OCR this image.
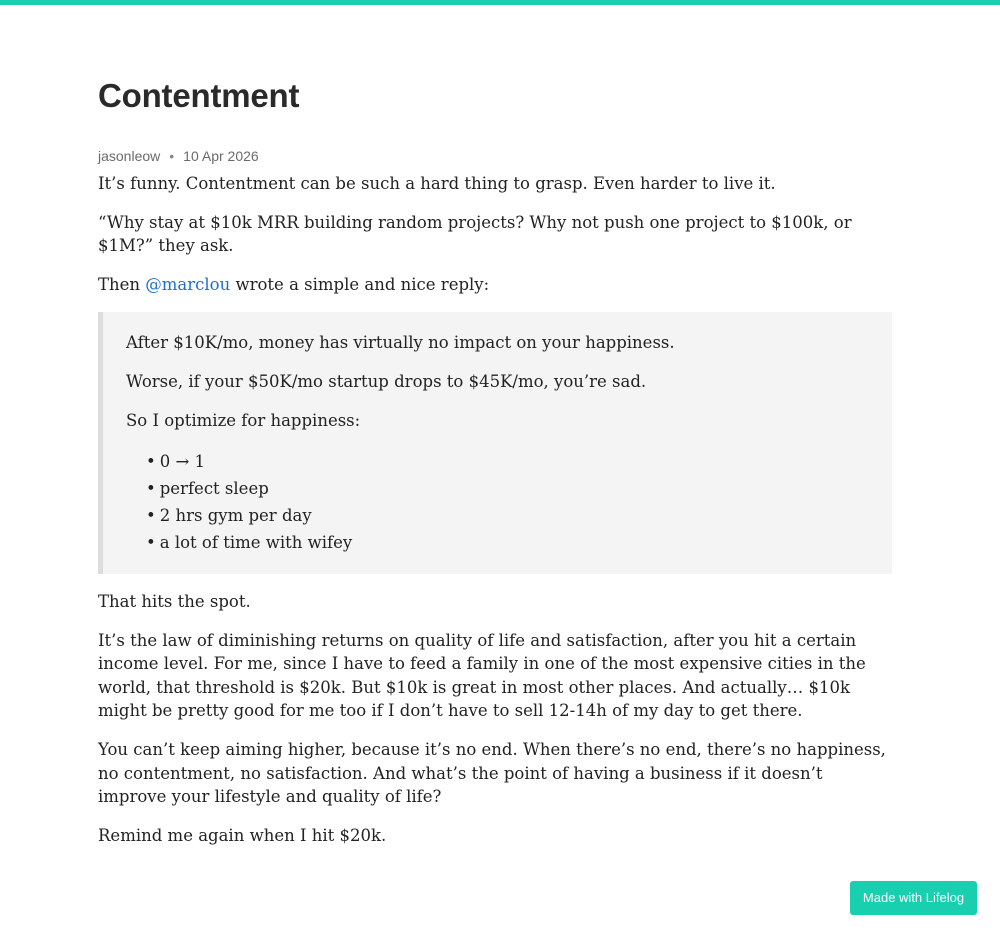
Contentment
jasonleow • 10 Apr 2026

It’s funny. Contentment can be such a hard thing to grasp. Even harder to live it.

“Why stay at $10k MRR building random projects? Why not push one project to $100k, or $1M?” they ask.

Then @marclou wrote a simple and nice reply:

After $10K/mo, money has virtually no impact on your happiness.

Worse, if your $50K/mo startup drops to $45K/mo, you’re sad.

So I optimize for happiness:

• 0 → 1
• perfect sleep
• 2 hrs gym per day
• a lot of time with wifey

That hits the spot.

It’s the law of diminishing returns on quality of life and satisfaction, after you hit a certain income level. For me, since I have to feed a family in one of the most expensive cities in the world, that threshold is $20k. But $10k is great in most other places. And actually… $10k might be pretty good for me too if I don’t have to sell 12-14h of my day to get there.

You can’t keep aiming higher, because it’s no end. When there’s no end, there’s no happiness, no contentment, no satisfaction. And what’s the point of having a business if it doesn’t improve your lifestyle and quality of life?

Remind me again when I hit $20k.

Made with Lifelog
